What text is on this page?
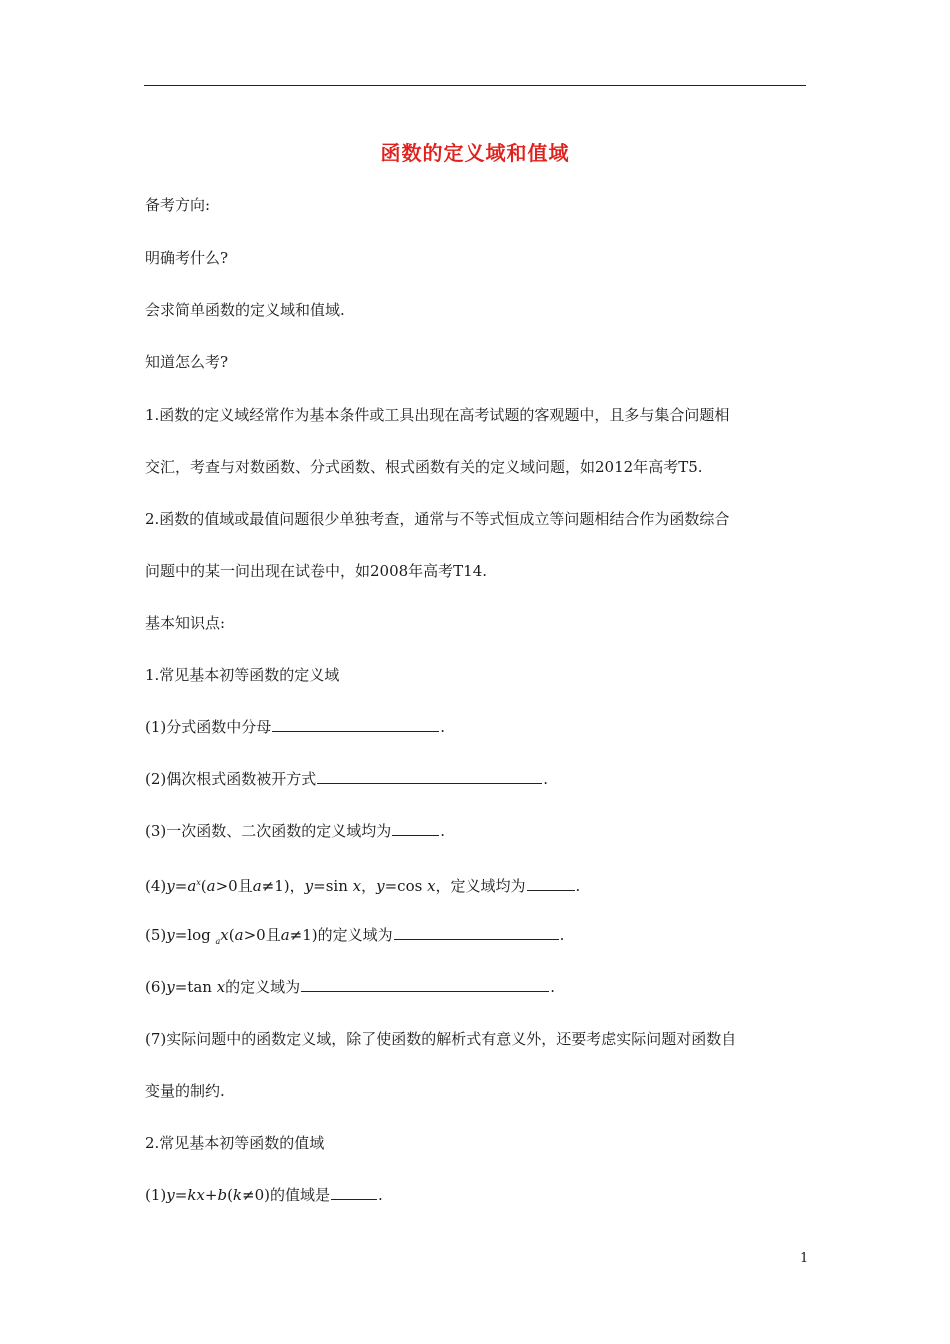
函数的定义域和值域
备考方向:
明确考什么?
会求简单函数的定义域和值域.
知道怎么考?
1.函数的定义域经常作为基本条件或工具出现在高考试题的客观题中，且多与集合问题相
交汇，考查与对数函数、分式函数、根式函数有关的定义域问题，如2012年高考T5.
2.函数的值域或最值问题很少单独考查，通常与不等式恒成立等问题相结合作为函数综合
问题中的某一问出现在试卷中，如2008年高考T14.
基本知识点:
1.常见基本初等函数的定义域
(1)分式函数中分母	.
(2)偶次根式函数被开方式	.
(3)一次函数、二次函数的定义域均为	.
$(4)y=a^x(a>0$且a≠1)，y=sin x，y=cos x，定义域均为	.
(5)y=log $_a$x(a>0且a≠1)的定义域为	.
(6)y=tan x的定义域为	.
(7)实际问题中的函数定义域，除了使函数的解析式有意义外，还要考虑实际问题对函数自
变量的制约.
2.常见基本初等函数的值域
(1)y=kx+b(k≠0)的值域是	.
1
